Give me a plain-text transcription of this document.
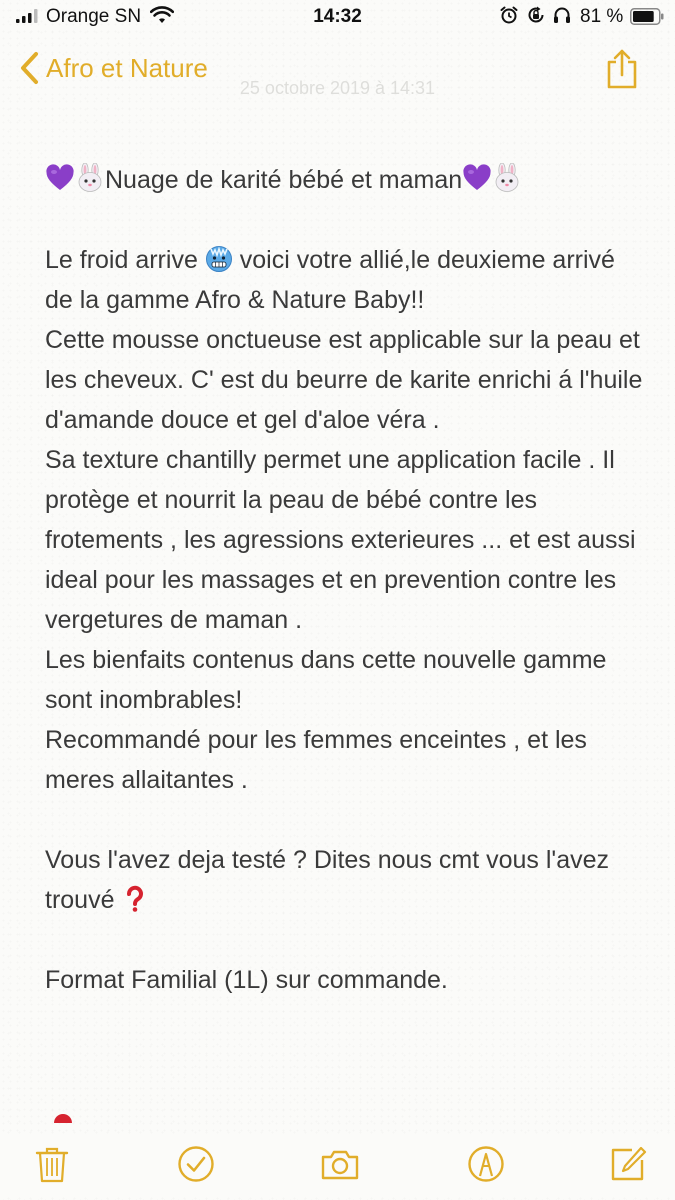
Orange SN	14:32	81 %
Afro et Nature
25 octobre 2019 à 14:31

Nuage de karité bébé et maman

Le froid arrive voici votre allié,le deuxieme arrivé de la gamme Afro & Nature Baby!!

Cette mousse onctueuse est applicable sur la peau et les cheveux. C' est du beurre de karite enrichi á l'huile d'amande douce et gel d'aloe véra .

Sa texture chantilly permet une application facile . Il protège et nourrit la peau de bébé contre les frotements , les agressions exterieures ... et est aussi ideal pour les massages et en prevention contre les vergetures de maman .

Les bienfaits contenus dans cette nouvelle gamme sont inombrables!

Recommandé pour les femmes enceintes , et les meres allaitantes .

Vous l'avez deja testé ? Dites nous cmt vous l'avez trouvé

Format Familial (1L) sur commande.
